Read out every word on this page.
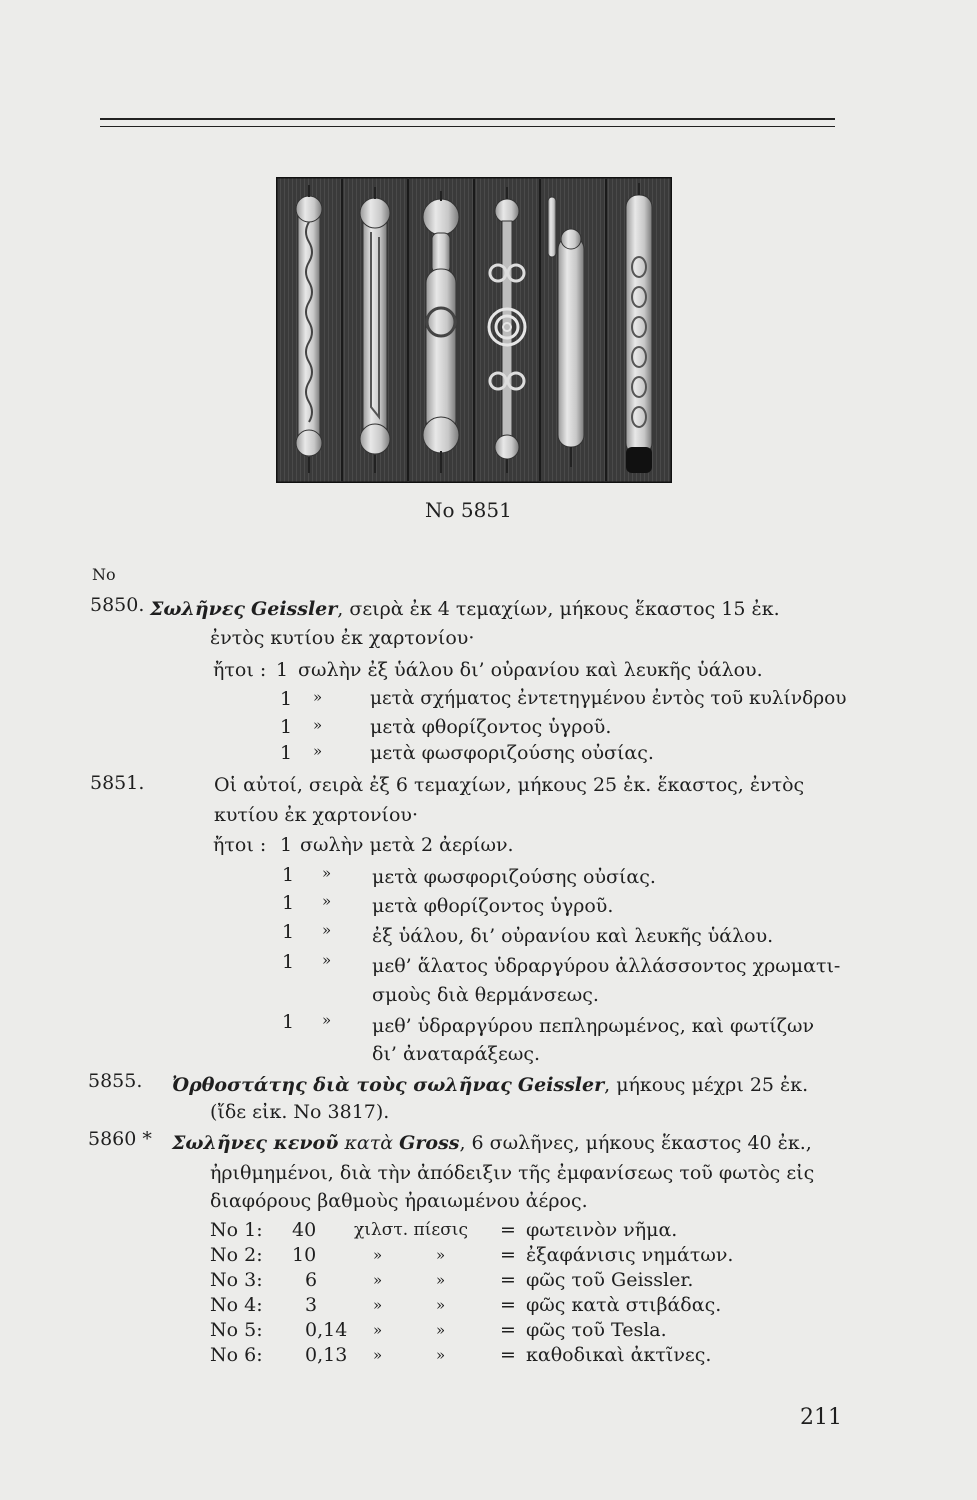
No 5851
No
5850. Σωλῆνες Geissler, σειρὰ ἐκ 4 τεμαχίων, μήκους ἕκαστος 15 ἐκ.
ἐντὸς κυτίου ἐκ χαρτονίου·
ἤτοι : 1 σωλὴν ἐξ ὑάλου δι’ οὐρανίου καὶ λευκῆς ὑάλου.
1 »	μετὰ σχήματος ἐντετηγμένου ἐντὸς τοῦ κυλίνδρου
1 »	μετὰ φθορίζοντος ὑγροῦ.
1 »	μετὰ φωσφοριζούσης οὐσίας.
5851.	Οἱ αὐτοί, σειρὰ ἐξ 6 τεμαχίων, μήκους 25 ἐκ. ἕκαστος, ἐντὸς
κυτίου ἐκ χαρτονίου·
ἤτοι : 1 σωλὴν μετὰ 2 ἀερίων.
1 » μετὰ φωσφοριζούσης οὐσίας.
1 » μετὰ φθορίζοντος ὑγροῦ.
1 » ἐξ ὑάλου, δι’ οὐρανίου καὶ λευκῆς ὑάλου.
1 » μεθ’ ἅλατος ὑδραργύρου ἀλλάσσοντος χρωματι-
σμοὺς διὰ θερμάνσεως.
1 » μεθ’ ὑδραργύρου πεπληρωμένος, καὶ φωτίζων
δι’ ἀναταράξεως.
5855. Ὀρθοστάτης διὰ τοὺς σωλῆνας Geissler, μήκους μέχρι 25 ἐκ.
(ἴδε εἰκ. No 3817).
5860 * Σωλῆνες κενοῦ κατὰ Gross, 6 σωλῆνες, μήκους ἕκαστος 40 ἐκ.,
ἠριθμημένοι, διὰ τὴν ἀπόδειξιν τῆς ἐμφανίσεως τοῦ φωτὸς εἰς
διαφόρους βαθμοὺς ἠραιωμένου ἀέρος.
No 1: 40 χιλστ. πίεσις = φωτεινὸν νῆμα.
No 2: 10	»	»	= ἐξαφάνισις νημάτων.
No 3: 6	»	»	= φῶς τοῦ Geissler.
No 4: 3	»	»	= φῶς κατὰ στιβάδας.
No 5: 0,14 »	»	= φῶς τοῦ Tesla.
No 6: 0,13 »	»	= καθοδικαὶ ἀκτῖνες.
211
